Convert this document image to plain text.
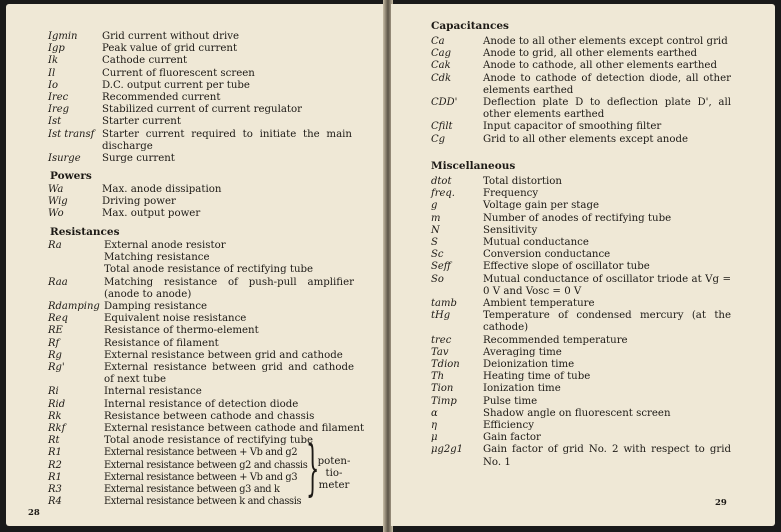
Igmin Grid current without drive
Igp	Peak value of grid current
Ik	Cathode current
Il	Current of fluorescent screen
Io	D.C. output current per tube
Irec	Recommended current
Ireg	Stabilized current of current regulator
Ist	Starter current
Ist transf Starter current required to initiate the main discharge
Isurge Surge current
Powers
Wa	Max. anode dissipation
Wig	Driving power
Wo	Max. output power
Resistances
Ra	External anode resistor
Matching resistance
Total anode resistance of rectifying tube
Raa	Matching resistance of push-pull amplifier (anode to anode)
Rdamping Damping resistance
Req	Equivalent noise resistance
RE	Resistance of thermo-element
Rf	Resistance of filament
Rg	External resistance between grid and cathode
Rg'	External resistance between grid and cathode of next tube
Ri	Internal resistance
Rid	Internal resistance of detection diode
Rk	Resistance between cathode and chassis
Rkf	External resistance between cathode and filament
Rt	Total anode resistance of rectifying tube
R1	External resistance between + Vb and g2
R2	External resistance between g2 and chassis
R1	External resistance between + Vb and g3
R3	External resistance between g3 and k
R4	External resistance between k and chassis }
poten-tio-meter
28
Capacitances
Ca	Anode to all other elements except control grid
Cag	Anode to grid, all other elements earthed
Cak	Anode to cathode, all other elements earthed
Cdk	Anode to cathode of detection diode, all other elements earthed
CDD'	Deflection plate D to deflection plate D', all other elements earthed
Cfilt	Input capacitor of smoothing filter
Cg	Grid to all other elements except anode
Miscellaneous
dtot	Total distortion
freq.	Frequency
g	Voltage gain per stage
m	Number of anodes of rectifying tube
N	Sensitivity
S	Mutual conductance
Sc	Conversion conductance
Seff	Effective slope of oscillator tube
So	Mutual conductance of oscillator triode at Vg = 0 V and Vosc = 0 V
tamb	Ambient temperature
tHg	Temperature of condensed mercury (at the cathode)
trec	Recommended temperature
Tav	Averaging time
Tdion Deionization time
Th	Heating time of tube
Tion	Ionization time
Timp	Pulse time
α	Shadow angle on fluorescent screen
η	Efficiency
μ	Gain factor
μg2g1 Gain factor of grid No. 2 with respect to grid No. 1
29
